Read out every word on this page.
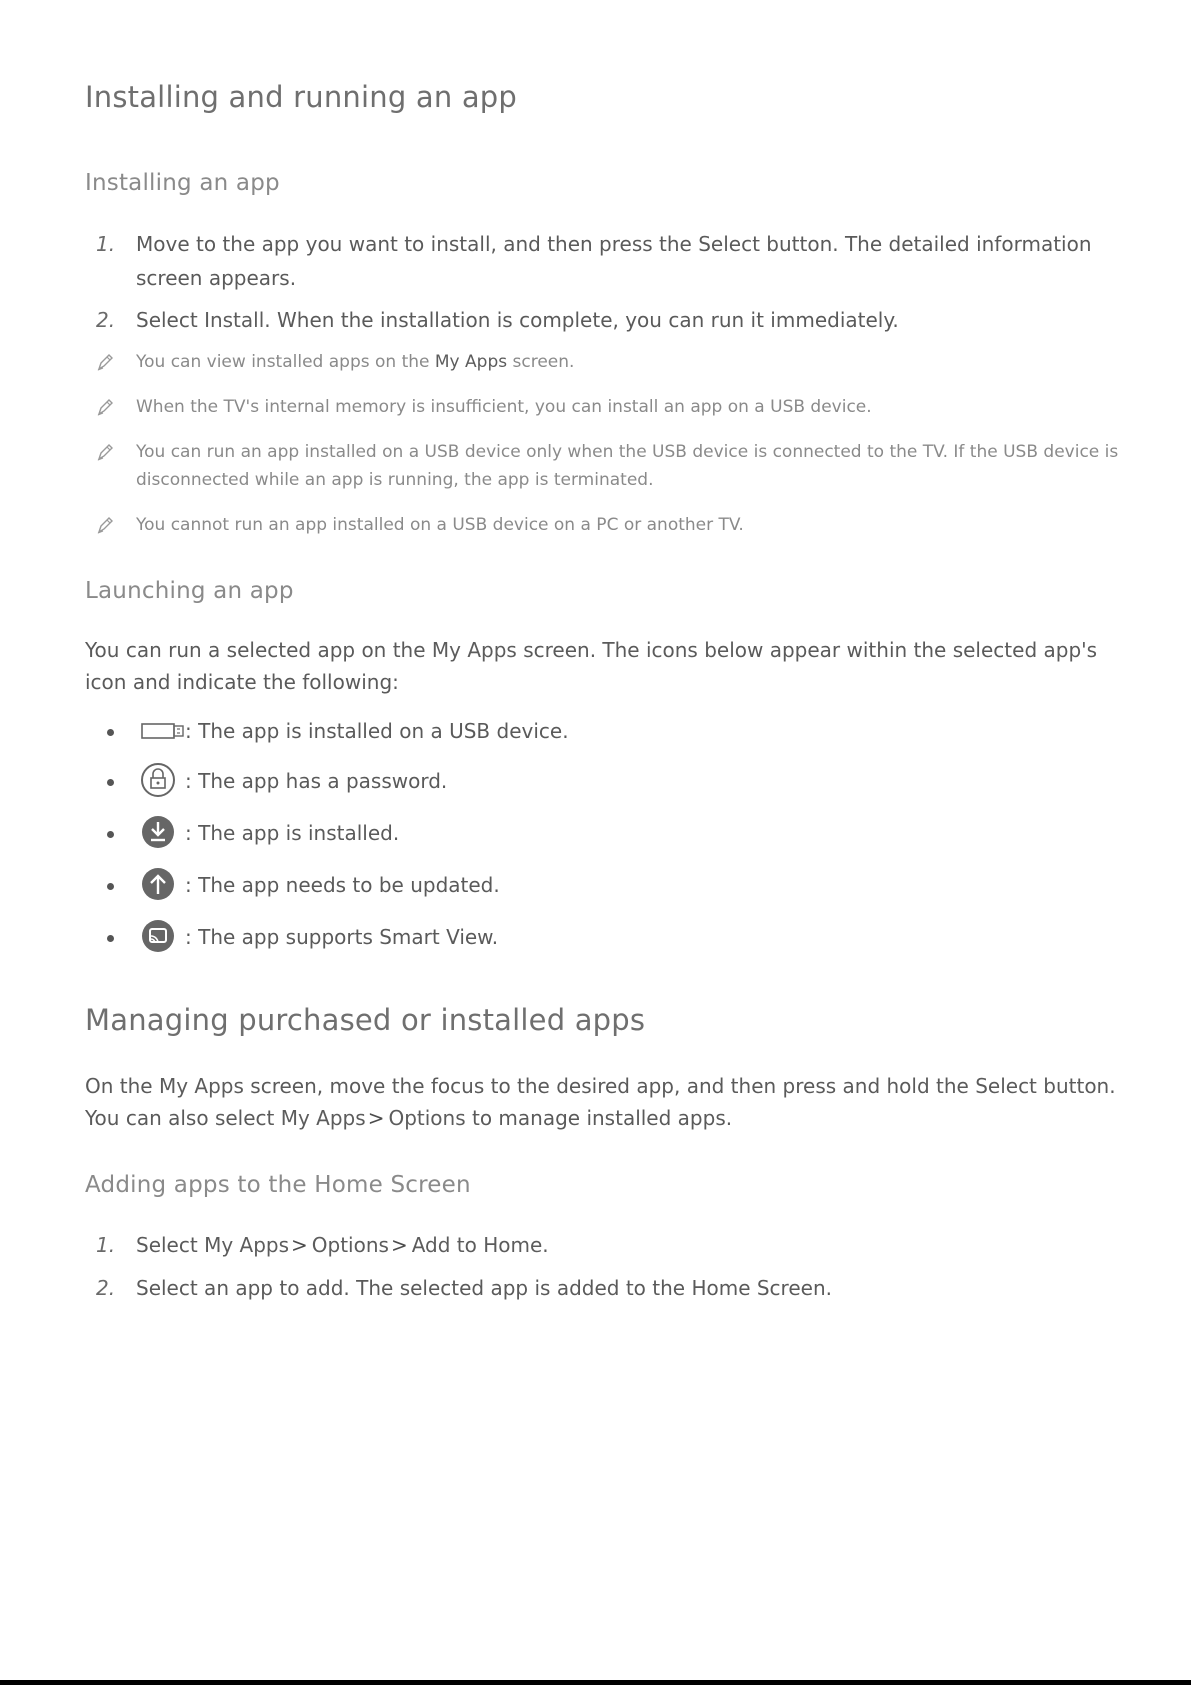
Installing and running an app
Installing an app
1. Move to the app you want to install, and then press the Select button. The detailed information screen appears.
2. Select Install. When the installation is complete, you can run it immediately.
You can view installed apps on the My Apps screen.
When the TV's internal memory is insufficient, you can install an app on a USB device.
You can run an app installed on a USB device only when the USB device is connected to the TV. If the USB device is disconnected while an app is running, the app is terminated.
You cannot run an app installed on a USB device on a PC or another TV.
Launching an app
You can run a selected app on the My Apps screen. The icons below appear within the selected app's icon and indicate the following:
: The app is installed on a USB device.
: The app has a password.
: The app is installed.
: The app needs to be updated.
: The app supports Smart View.
Managing purchased or installed apps
On the My Apps screen, move the focus to the desired app, and then press and hold the Select button. You can also select My Apps > Options to manage installed apps.
Adding apps to the Home Screen
1. Select My Apps > Options > Add to Home.
2. Select an app to add. The selected app is added to the Home Screen.
